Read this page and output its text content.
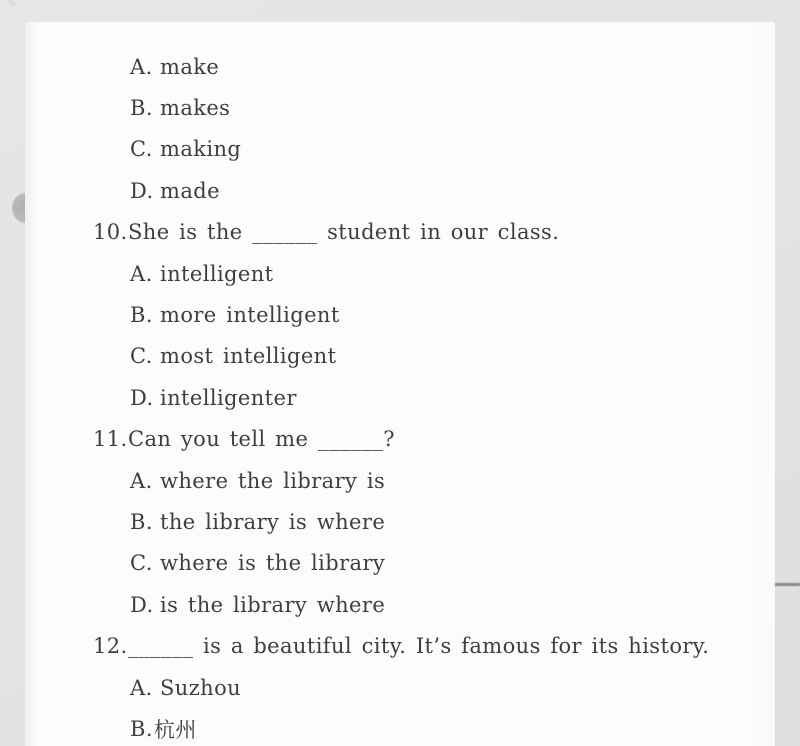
A. make
B. makes
C. making
D. made
10. She is the ______ student in our class.
A. intelligent
B. more intelligent
C. most intelligent
D. intelligenter
11. Can you tell me ______?
A. where the library is
B. the library is where
C. where is the library
D. is the library where
12. ______ is a beautiful city. It’s famous for its history.
A. Suzhou
B. 杭州
